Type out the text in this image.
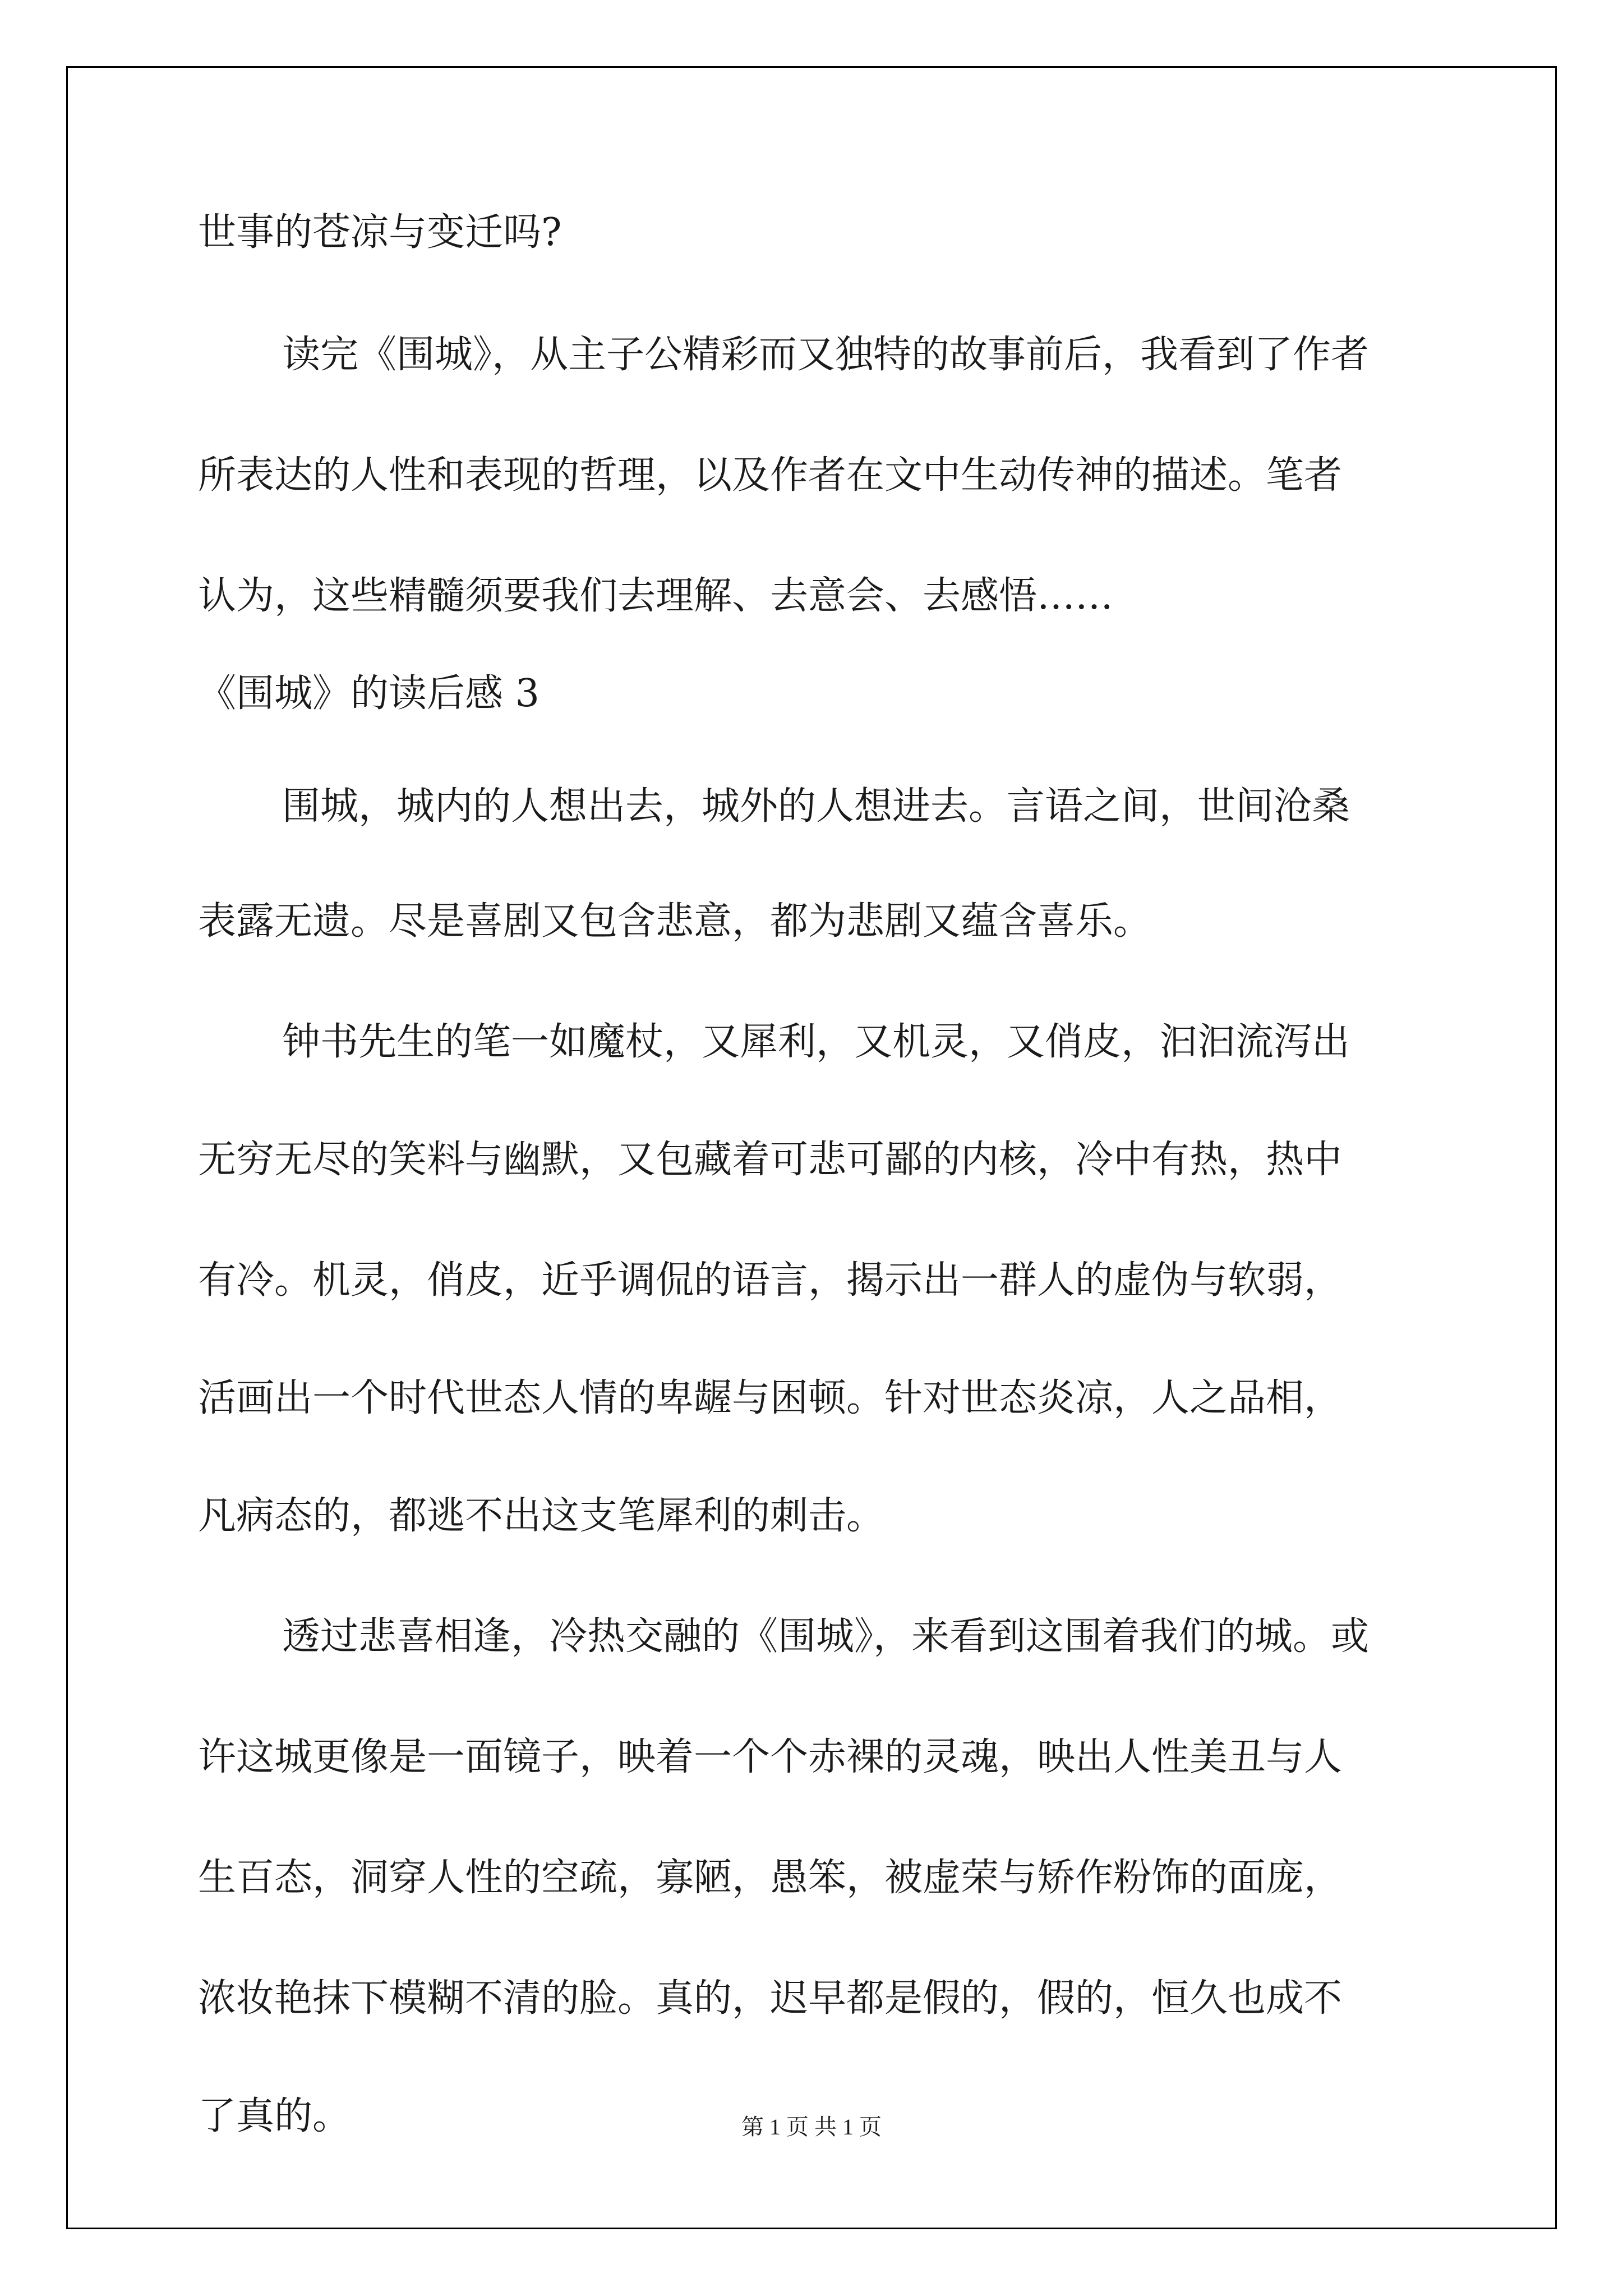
世事的苍凉与变迁吗?
读完《围城》，从主子公精彩而又独特的故事前后，我看到了作者
所表达的人性和表现的哲理，以及作者在文中生动传神的描述。笔者
认为，这些精髓须要我们去理解、去意会、去感悟……
《围城》的读后感 3
围城，城内的人想出去，城外的人想进去。言语之间，世间沧桑
表露无遗。尽是喜剧又包含悲意，都为悲剧又蕴含喜乐。
钟书先生的笔一如魔杖，又犀利，又机灵，又俏皮，汩汩流泻出
无穷无尽的笑料与幽默，又包藏着可悲可鄙的内核，冷中有热，热中
有冷。机灵，俏皮，近乎调侃的语言，揭示出一群人的虚伪与软弱，
活画出一个时代世态人情的卑龌与困顿。针对世态炎凉，人之品相，
凡病态的，都逃不出这支笔犀利的刺击。
透过悲喜相逢，冷热交融的《围城》，来看到这围着我们的城。或
许这城更像是一面镜子，映着一个个赤裸的灵魂，映出人性美丑与人
生百态，洞穿人性的空疏，寡陋，愚笨，被虚荣与矫作粉饰的面庞，
浓妆艳抹下模糊不清的脸。真的，迟早都是假的，假的，恒久也成不
了真的。	第 1 页 共 1 页
